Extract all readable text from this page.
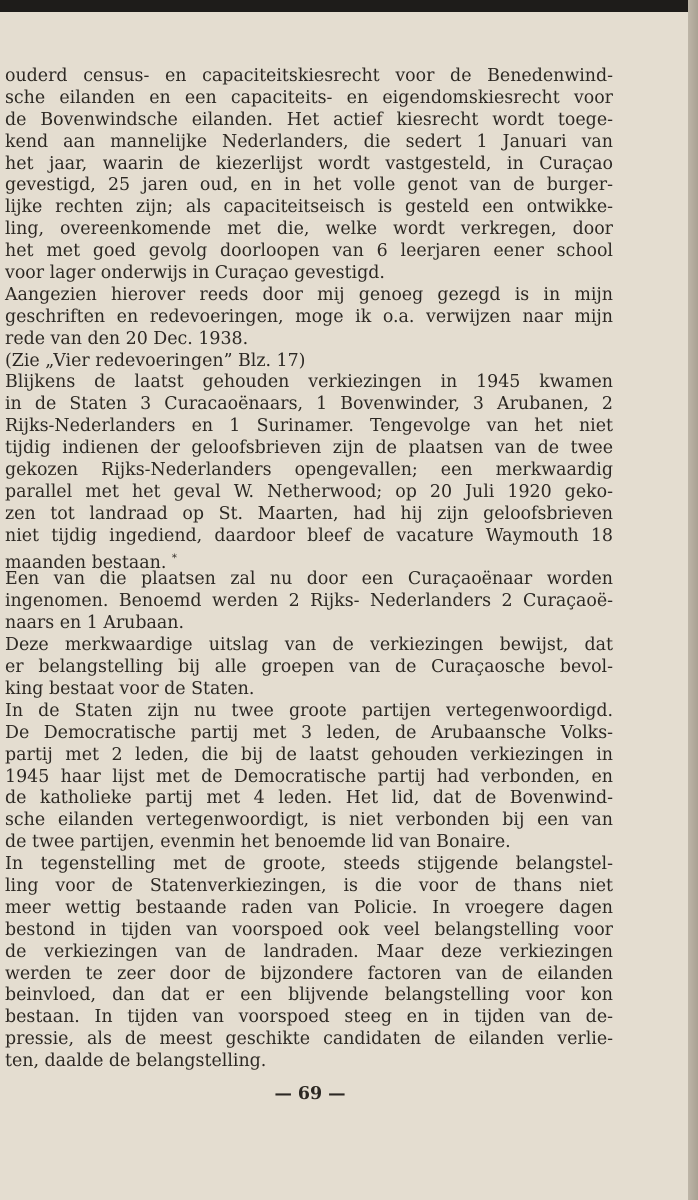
ouderd census- en capaciteitskiesrecht voor de Benedenwind-
sche eilanden en een capaciteits- en eigendomskiesrecht voor
de Bovenwindsche eilanden. Het actief kiesrecht wordt toege-
kend aan mannelijke Nederlanders, die sedert 1 Januari van
het jaar, waarin de kiezerlijst wordt vastgesteld, in Curaçao
gevestigd, 25 jaren oud, en in het volle genot van de burger-
lijke rechten zijn; als capaciteitseisch is gesteld een ontwikke-
ling, overeenkomende met die, welke wordt verkregen, door
het met goed gevolg doorloopen van 6 leerjaren eener school
voor lager onderwijs in Curaçao gevestigd.
Aangezien hierover reeds door mij genoeg gezegd is in mijn
geschriften en redevoeringen, moge ik o.a. verwijzen naar mijn
rede van den 20 Dec. 1938.
(Zie „Vier redevoeringen” Blz. 17)
Blijkens de laatst gehouden verkiezingen in 1945 kwamen
in de Staten 3 Curacaoënaars, 1 Bovenwinder, 3 Arubanen, 2
Rijks-Nederlanders en 1 Surinamer. Tengevolge van het niet
tijdig indienen der geloofsbrieven zijn de plaatsen van de twee
gekozen Rijks-Nederlanders opengevallen; een merkwaardig
parallel met het geval W. Netherwood; op 20 Juli 1920 geko-
zen tot landraad op St. Maarten, had hij zijn geloofsbrieven
niet tijdig ingediend, daardoor bleef de vacature Waymouth 18
maanden bestaan. *
Een van die plaatsen zal nu door een Curaçaoënaar worden
ingenomen. Benoemd werden 2 Rijks- Nederlanders 2 Curaçaoë-
naars en 1 Arubaan.
Deze merkwaardige uitslag van de verkiezingen bewijst, dat
er belangstelling bij alle groepen van de Curaçaosche bevol-
king bestaat voor de Staten.
In de Staten zijn nu twee groote partijen vertegenwoordigd.
De Democratische partij met 3 leden, de Arubaansche Volks-
partij met 2 leden, die bij de laatst gehouden verkiezingen in
1945 haar lijst met de Democratische partij had verbonden, en
de katholieke partij met 4 leden. Het lid, dat de Bovenwind-
sche eilanden vertegenwoordigt, is niet verbonden bij een van
de twee partijen, evenmin het benoemde lid van Bonaire.
In tegenstelling met de groote, steeds stijgende belangstel-
ling voor de Statenverkiezingen, is die voor de thans niet
meer wettig bestaande raden van Policie. In vroegere dagen
bestond in tijden van voorspoed ook veel belangstelling voor
de verkiezingen van de landraden. Maar deze verkiezingen
werden te zeer door de bijzondere factoren van de eilanden
beinvloed, dan dat er een blijvende belangstelling voor kon
bestaan. In tijden van voorspoed steeg en in tijden van de-
pressie, als de meest geschikte candidaten de eilanden verlie-
ten, daalde de belangstelling.
— 69 —
